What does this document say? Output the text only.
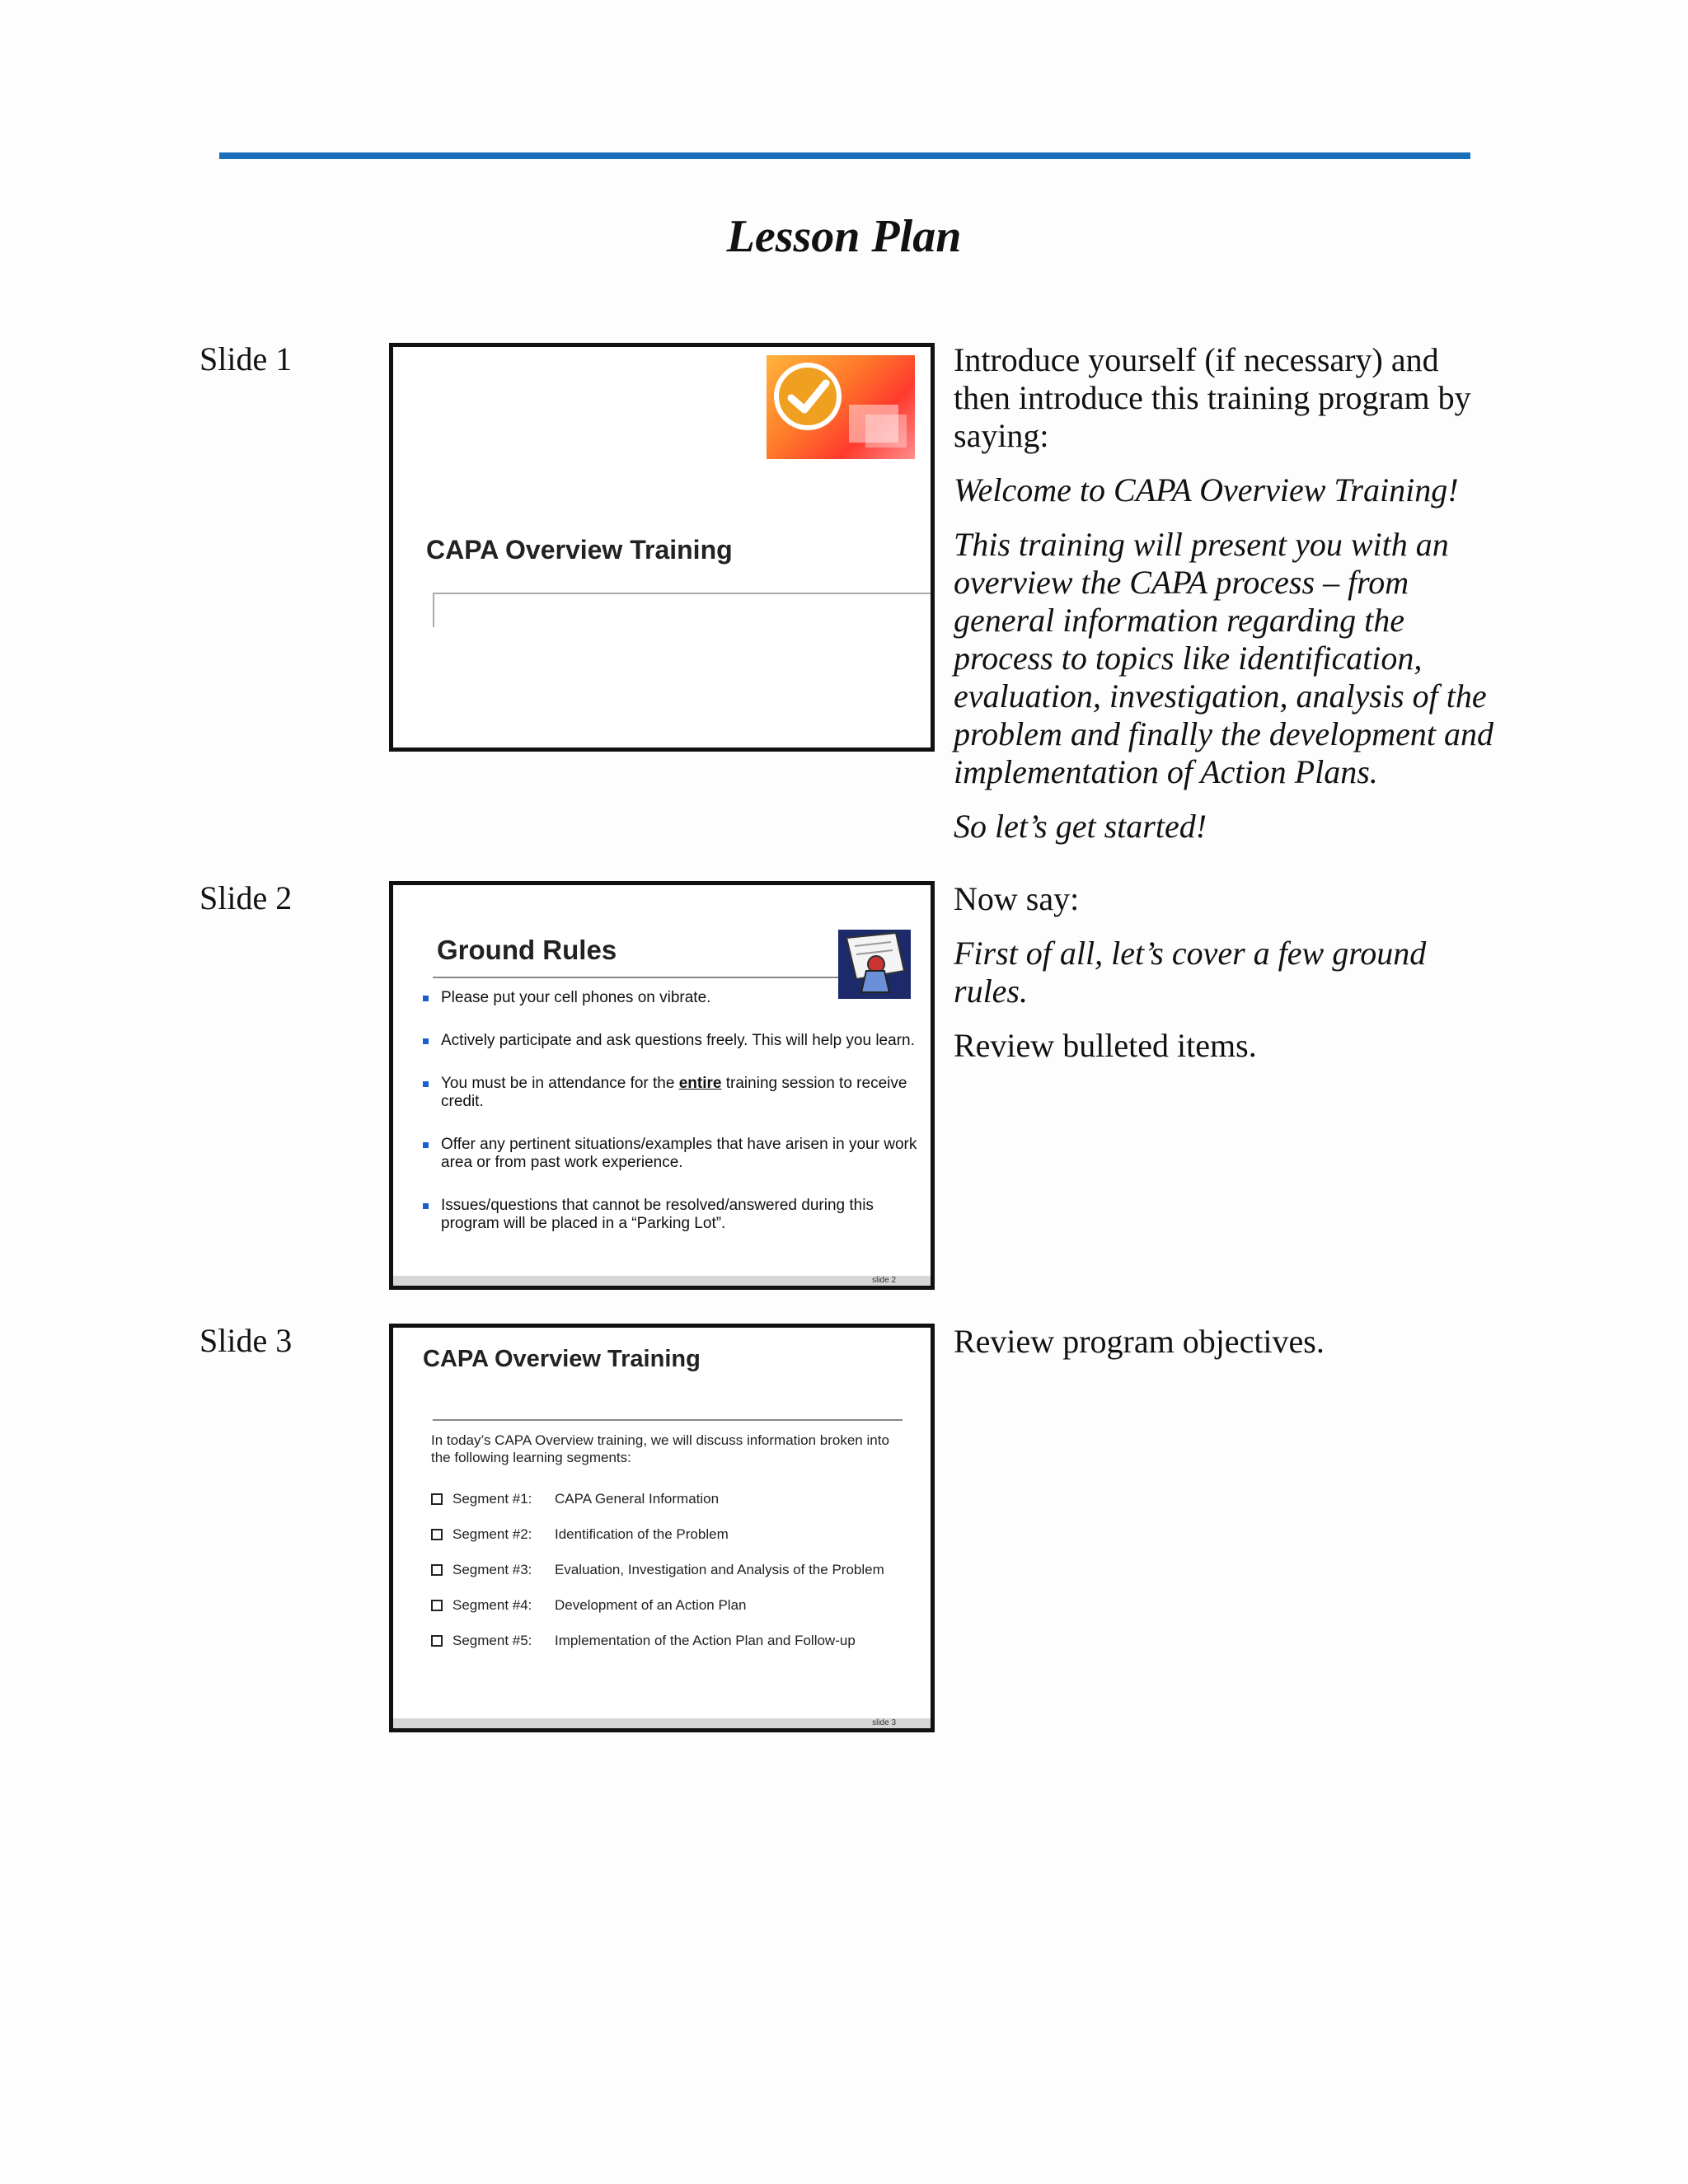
Lesson Plan
Slide 1
CAPA Overview Training

Introduce yourself (if necessary) and then introduce this training program by saying:

Welcome to CAPA Overview Training!

This training will present you with an overview the CAPA process – from general information regarding the process to topics like identification, evaluation, investigation, analysis of the problem and finally the development and implementation of Action Plans.

So let’s get started!

Slide 2
Ground Rules
Please put your cell phones on vibrate.
Actively participate and ask questions freely. This will help you learn.
You must be in attendance for the entire training session to receive credit.
Offer any pertinent situations/examples that have arisen in your work area or from past work experience.
Issues/questions that cannot be resolved/answered during this program will be placed in a “Parking Lot”.
slide 2

Now say:

First of all, let’s cover a few ground rules.

Review bulleted items.

Slide 3	CAPA Overview Training
In today’s CAPA Overview training, we will discuss information broken into the following learning segments:
Segment #1:	CAPA General Information
Segment #2:	Identification of the Problem
Segment #3:	Evaluation, Investigation and Analysis of the Problem
Segment #4:	Development of an Action Plan
Segment #5:	Implementation of the Action Plan and Follow-up
slide 3

Review program objectives.
